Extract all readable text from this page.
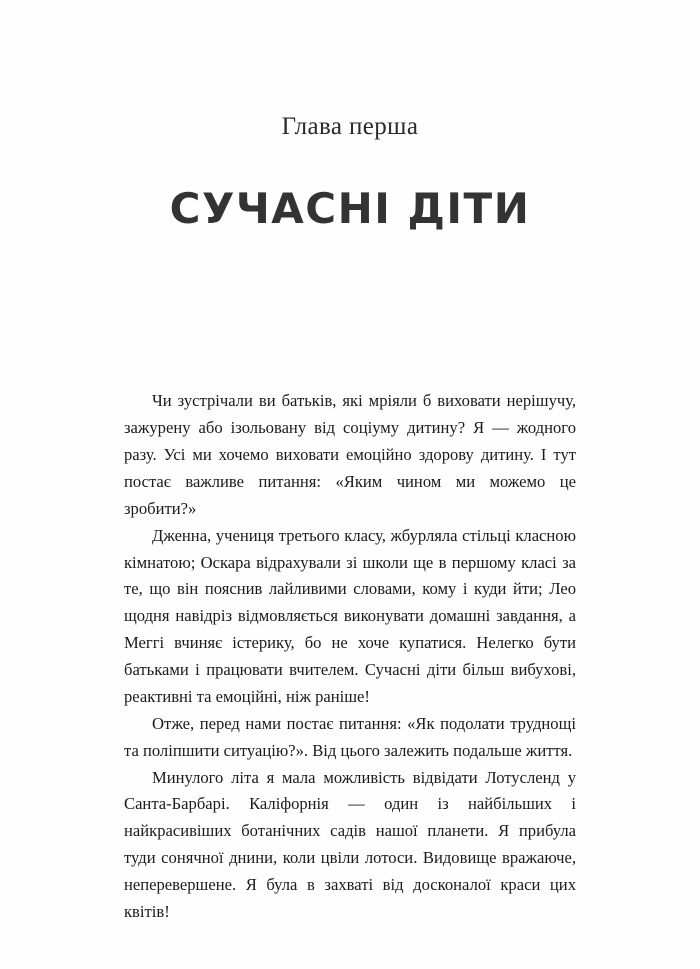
Глава перша
СУЧАСНІ ДІТИ

Чи зустрічали ви батьків, які мріяли б виховати нерішучу, зажурену або ізольовану від соціуму дитину? Я — жодного разу. Усі ми хочемо виховати емоційно здорову дитину. І тут постає важливе питання: «Яким чином ми можемо це зробити?»

Дженна, учениця третього класу, жбурляла стільці класною кімнатою; Оскара відрахували зі школи ще в першому класі за те, що він пояснив лайливими словами, кому і куди йти; Лео щодня навідріз відмовляється виконувати домашні завдання, а Меггі вчиняє істерику, бо не хоче купатися. Нелегко бути батьками і працювати вчителем. Сучасні діти більш вибухові, реактивні та емоційні, ніж раніше!

Отже, перед нами постає питання: «Як подолати труднощі та поліпшити ситуацію?». Від цього залежить подальше життя.

Минулого літа я мала можливість відвідати Лотусленд у Санта-Барбарі. Каліфорнія — один із найбільших і найкрасивіших ботанічних садів нашої планети. Я прибула туди сонячної днини, коли цвіли лотоси. Видовище вражаюче, неперевершене. Я була в захваті від досконалої краси цих квітів!
